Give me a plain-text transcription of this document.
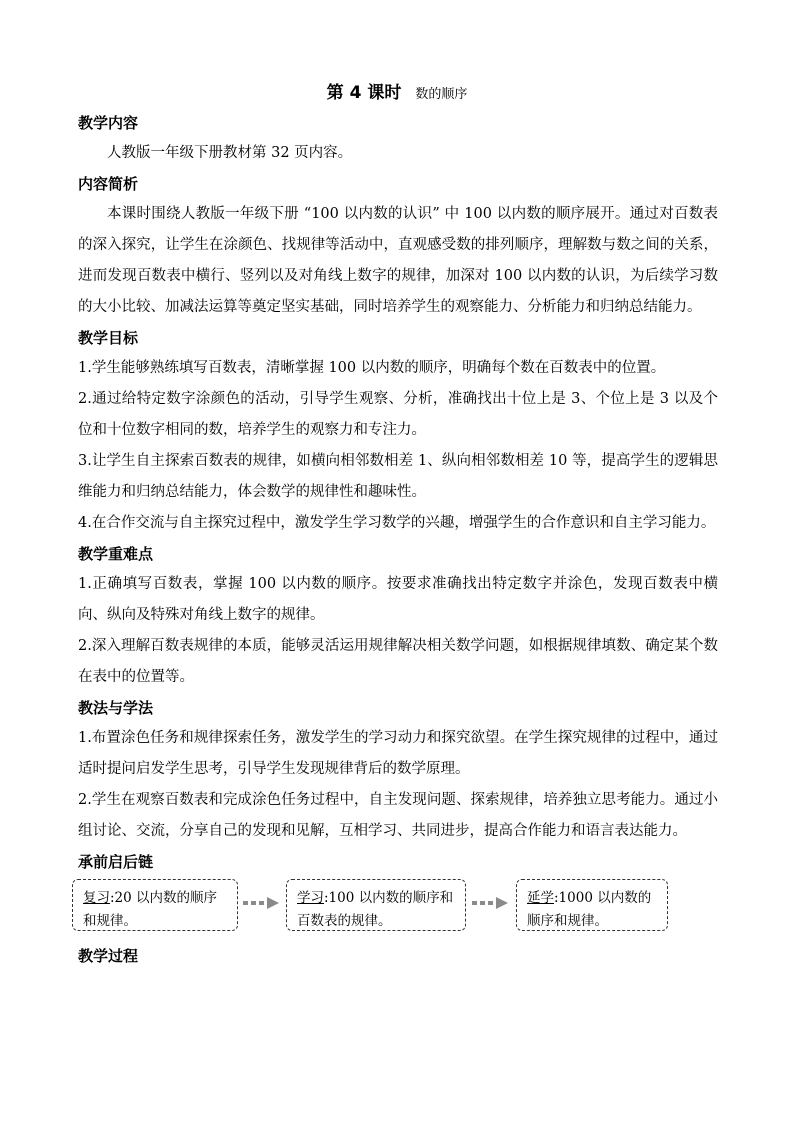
第 4 课时 数的顺序
教学内容

人教版一年级下册教材第 32 页内容。

内容简析

本课时围绕人教版一年级下册 “100 以内数的认识” 中 100 以内数的顺序展开。通过对百数表的深入探究，让学生在涂颜色、找规律等活动中，直观感受数的排列顺序，理解数与数之间的关系，进而发现百数表中横行、竖列以及对角线上数字的规律，加深对 100 以内数的认识，为后续学习数的大小比较、加减法运算等奠定坚实基础，同时培养学生的观察能力、分析能力和归纳总结能力。

教学目标

1.学生能够熟练填写百数表，清晰掌握 100 以内数的顺序，明确每个数在百数表中的位置。

2.通过给特定数字涂颜色的活动，引导学生观察、分析，准确找出十位上是 3、个位上是 3 以及个位和十位数字相同的数，培养学生的观察力和专注力。

3.让学生自主探索百数表的规律，如横向相邻数相差 1、纵向相邻数相差 10 等，提高学生的逻辑思维能力和归纳总结能力，体会数学的规律性和趣味性。

4.在合作交流与自主探究过程中，激发学生学习数学的兴趣，增强学生的合作意识和自主学习能力。

教学重难点

1.正确填写百数表，掌握 100 以内数的顺序。按要求准确找出特定数字并涂色，发现百数表中横向、纵向及特殊对角线上数字的规律。

2.深入理解百数表规律的本质，能够灵活运用规律解决相关数学问题，如根据规律填数、确定某个数在表中的位置等。

教法与学法

1.布置涂色任务和规律探索任务，激发学生的学习动力和探究欲望。在学生探究规律的过程中，通过适时提问启发学生思考，引导学生发现规律背后的数学原理。

2.学生在观察百数表和完成涂色任务过程中，自主发现问题、探索规律，培养独立思考能力。通过小组讨论、交流，分享自己的发现和见解，互相学习、共同进步，提高合作能力和语言表达能力。

承前启后链
复习:20 以内数的顺序和规律。
学习:100 以内数的顺序和百数表的规律。
延学:1000 以内数的顺序和规律。
教学过程
